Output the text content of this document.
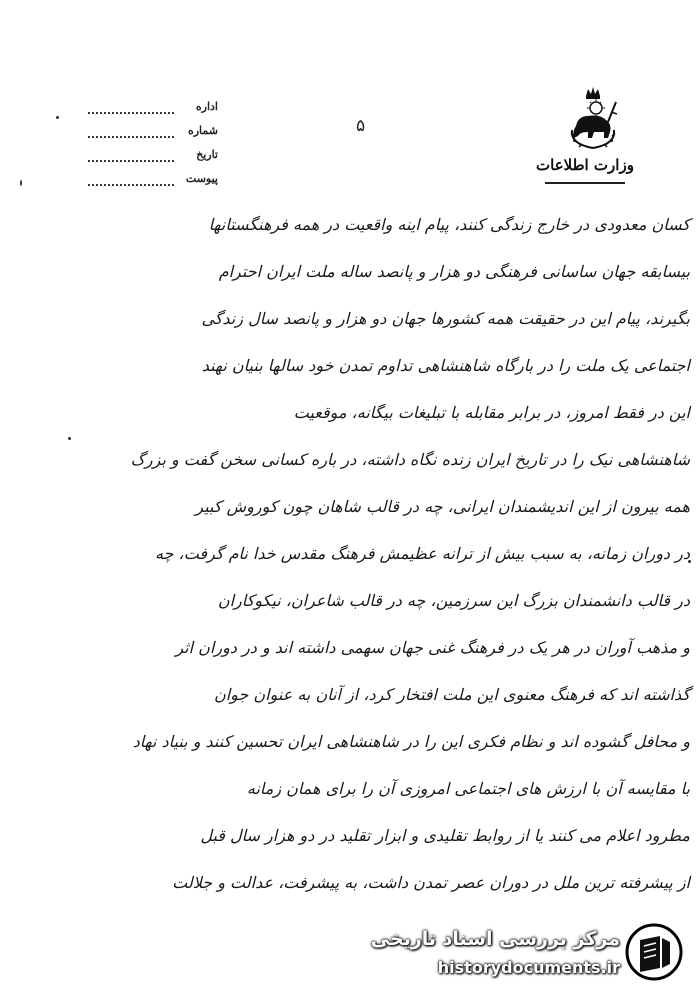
وزارت اطلاعات
اداره
شماره
تاریخ
پیوست
۵
کسان معدودی در خارج زندگی کنند، پیام اینه واقعیت در همه فرهنگستانها
بیسابقه جهان ساسانی فرهنگی دو هزار و پانصد ساله ملت ایران احترام
بگیرند، پیام این در حقیقت همه کشورها جهان دو هزار و پانصد سال زندگی
اجتماعی یک ملت را در بارگاه شاهنشاهی تداوم تمدن خود سالها بنیان نهند
این در فقط امروز، در برابر مقابله با تبلیغات بیگانه، موقعیت
شاهنشاهی نیک را در تاریخ ایران زنده نگاه داشته، در باره کسانی سخن گفت و بزرگ
همه بیرون از این اندیشمندان ایرانی، چه در قالب شاهان چون کوروش کبیر
در دوران زمانه، به سبب بیش از ترانه عظیمش فرهنگ مقدس خدا نام گرفت، چه
در قالب دانشمندان بزرگ این سرزمین، چه در قالب شاعران، نیکوکاران
و مذهب آوران در هر یک در فرهنگ غنی جهان سهمی داشته اند و در دوران اثر
گذاشته اند که فرهنگ معنوی این ملت افتخار کرد، از آنان به عنوان جوان
و محافل گشوده اند و نظام فکری این را در شاهنشاهی ایران تحسین کنند و بنیاد نهاد
با مقایسه آن با ارزش های اجتماعی امروزی آن را برای همان زمانه
مطرود اعلام می کنند یا از روابط تقلیدی و ابزار تقلید در دو هزار سال قبل
از پیشرفته ترین ملل در دوران عصر تمدن داشت، به پیشرفت، عدالت و جلالت
مرکز بررسی اسناد تاریخی
historydocuments.ir
